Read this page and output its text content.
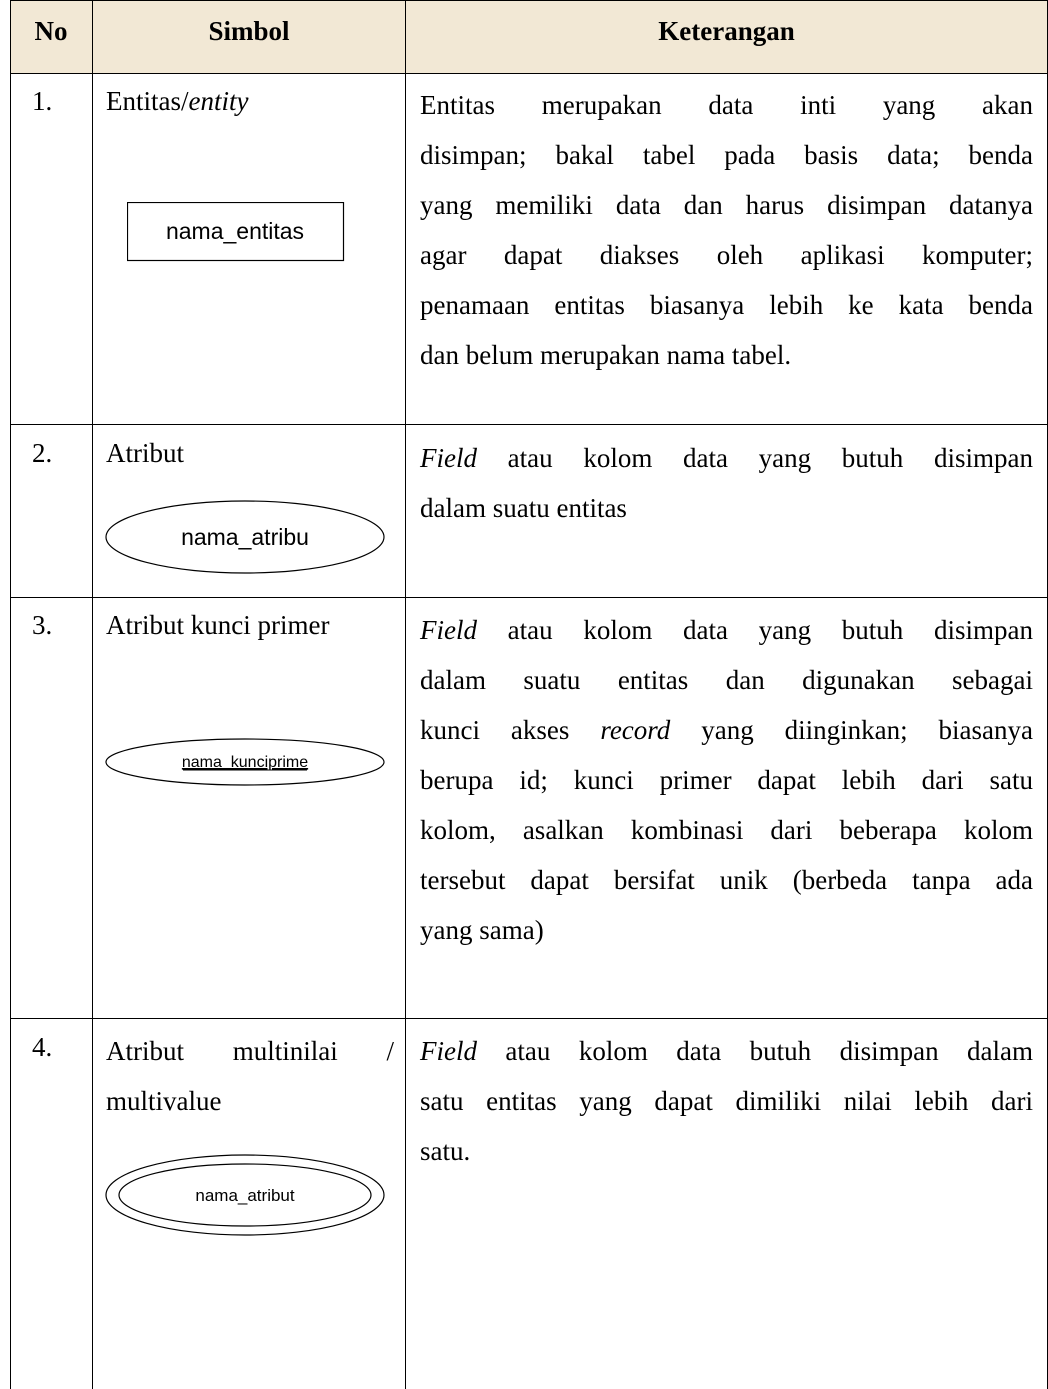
No	Simbol	Keterangan
1. Entitas/entity
nama_entitas
Entitas merupakan data inti yang akan
disimpan; bakal tabel pada basis data; benda
yang memiliki data dan harus disimpan datanya
agar dapat diakses oleh aplikasi komputer;
penamaan entitas biasanya lebih ke kata benda
dan belum merupakan nama tabel.
2. Atribut
nama_atribu
Field atau kolom data yang butuh disimpan
dalam suatu entitas
3. Atribut kunci primer
nama_kunciprime
Field atau kolom data yang butuh disimpan
dalam suatu entitas dan digunakan sebagai
kunci akses record yang diinginkan; biasanya
berupa id; kunci primer dapat lebih dari satu
kolom, asalkan kombinasi dari beberapa kolom
tersebut dapat bersifat unik (berbeda tanpa ada
yang sama)
4. Atribut multinilai /
multivalue
nama_atribut
Field atau kolom data butuh disimpan dalam
satu entitas yang dapat dimiliki nilai lebih dari
satu.
